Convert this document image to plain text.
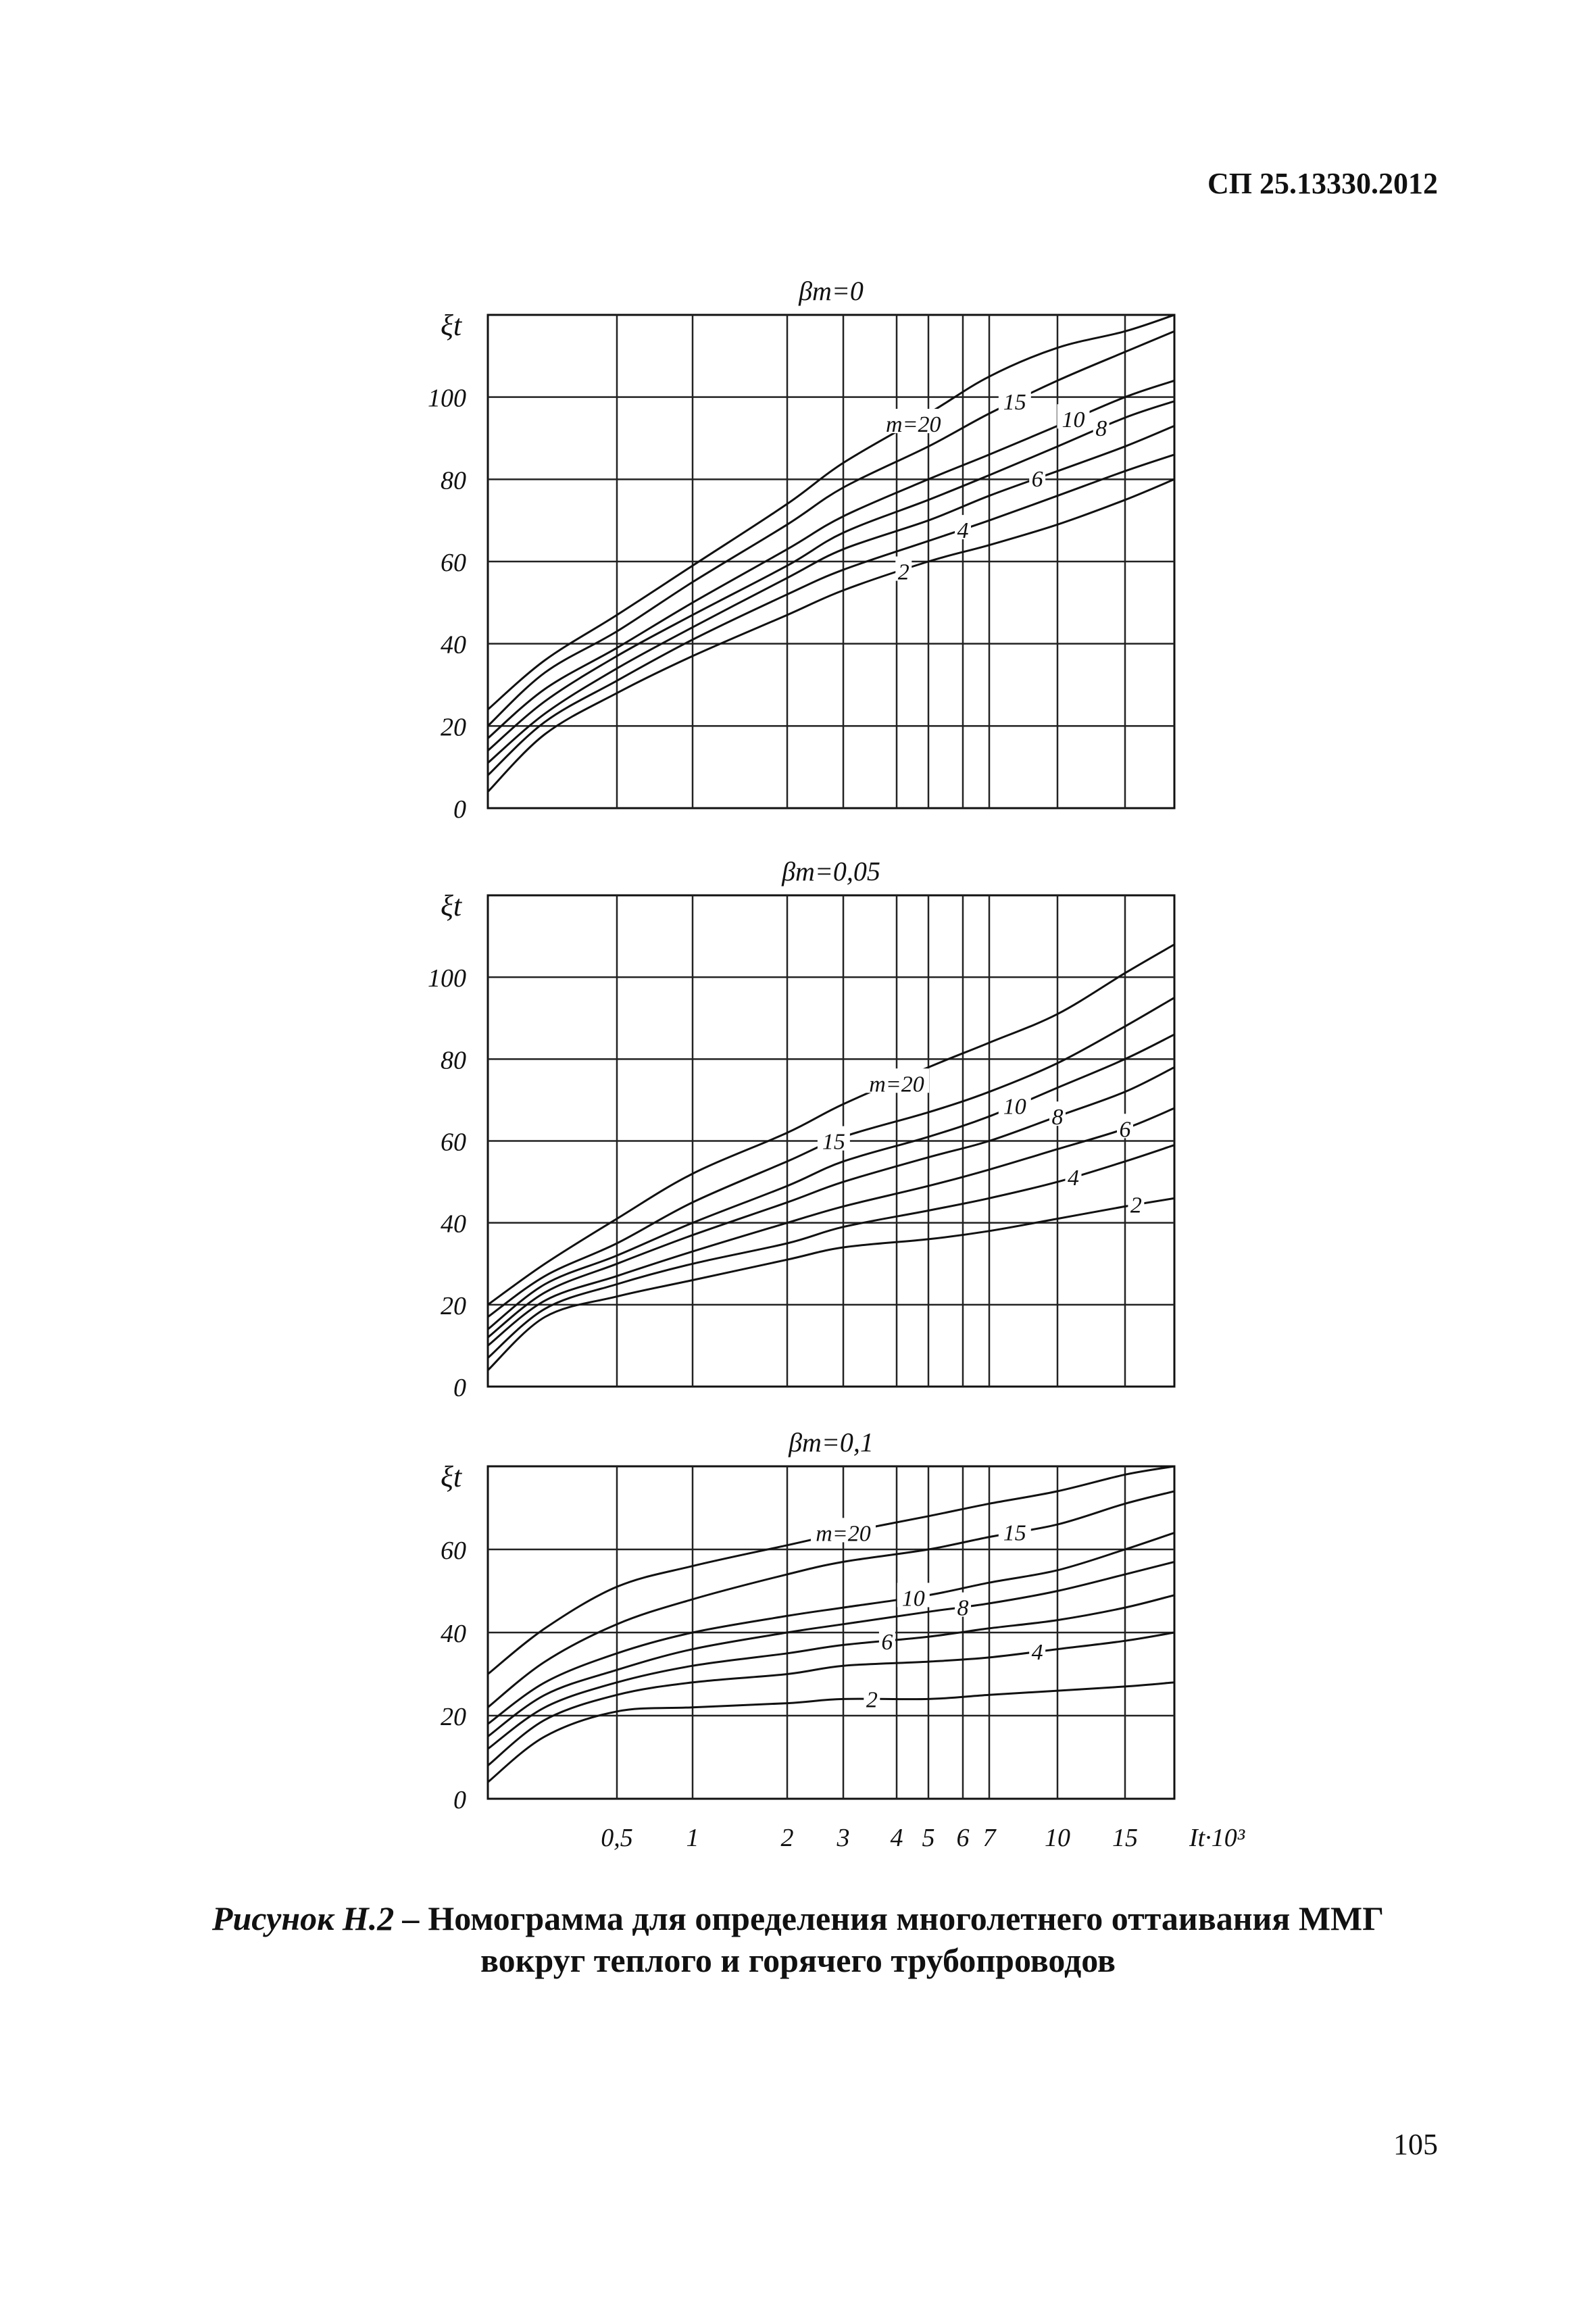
СП 25.13330.2012
0
20
40
60
80
100
ξt
βт=0
m=20
15
10 8
6
4
2
0
20
40
60
80
100
ξt
βт=0,05
m=20
15
10 8 6
4
2
0
20
40
60
ξt
βт=0,1
m=20	15
10 8
6	4
2
0,5 1	2 3 4 5 6 7 10 15 It·10³
Рисунок Н.2 – Номограмма для определения многолетнего оттаивания ММГ
вокруг теплого и горячего трубопроводов
105
